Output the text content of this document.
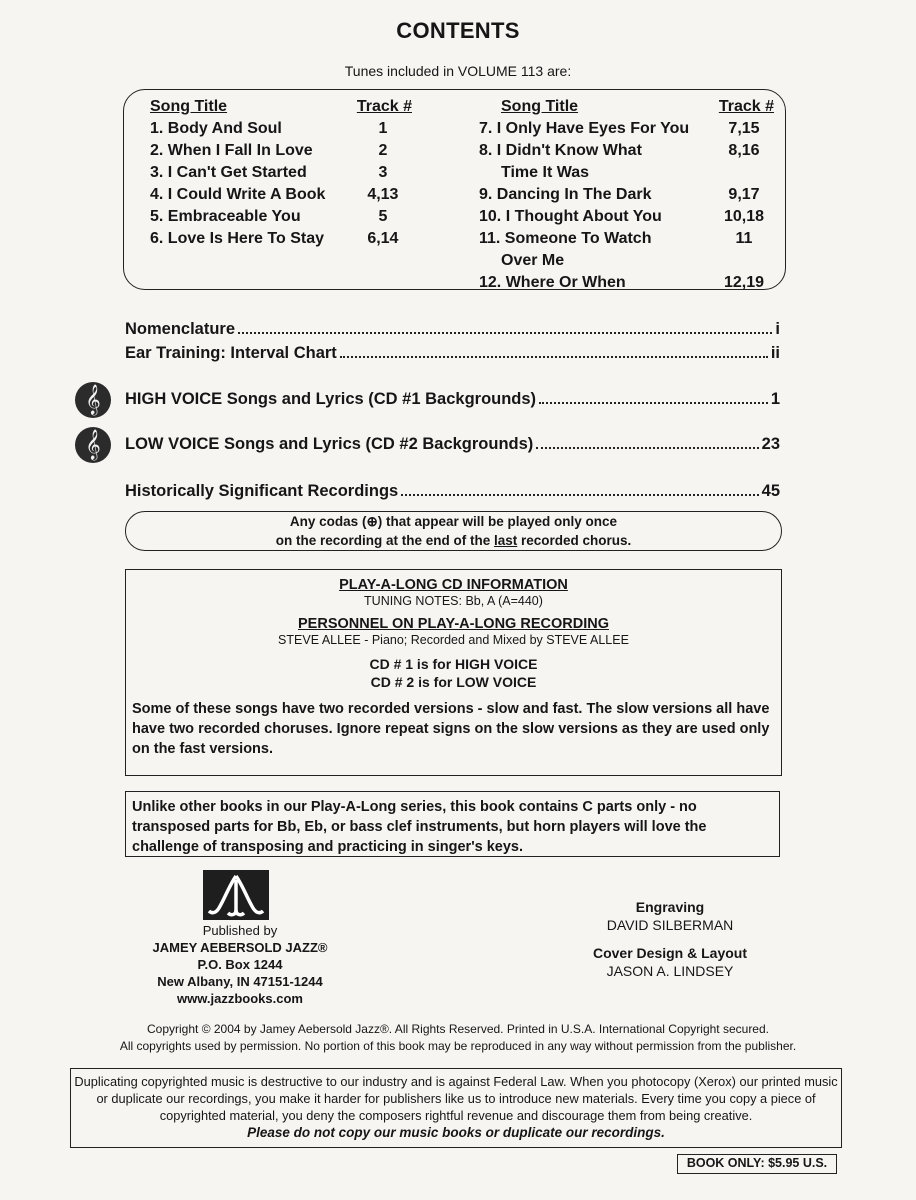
CONTENTS
Tunes included in VOLUME 113 are:
Song Title	Track #
1. Body And Soul	1
2. When I Fall In Love	2
3. I Can't Get Started	3
4. I Could Write A Book	4,13
5. Embraceable You	5
6. Love Is Here To Stay	6,14
Song Title	Track #
7. I Only Have Eyes For You	7,15
8. I Didn't Know What	8,16
Time It Was
9. Dancing In The Dark	9,17
10. I Thought About You	10,18
11. Someone To Watch	11
Over Me
12. Where Or When	12,19
Nomenclature	i
Ear Training: Interval Chart	ii
𝄞	HIGH VOICE Songs and Lyrics (CD #1 Backgrounds)	1
𝄞	LOW VOICE Songs and Lyrics (CD #2 Backgrounds)	23
Historically Significant Recordings	45
Any codas (⊕) that appear will be played only once
on the recording at the end of the last recorded chorus.
PLAY-A-LONG CD INFORMATION
TUNING NOTES: Bb, A (A=440)
PERSONNEL ON PLAY-A-LONG RECORDING
STEVE ALLEE - Piano; Recorded and Mixed by STEVE ALLEE
CD # 1 is for HIGH VOICE
CD # 2 is for LOW VOICE
Some of these songs have two recorded versions - slow and fast. The slow versions all have have two recorded choruses. Ignore repeat signs on the slow versions as they are used only on the fast versions.
Unlike other books in our Play-A-Long series, this book contains C parts only - no transposed parts for Bb, Eb, or bass clef instruments, but horn players will love the challenge of transposing and practicing in singer's keys.
Published by
JAMEY AEBERSOLD JAZZ®
P.O. Box 1244
New Albany, IN 47151-1244
www.jazzbooks.com
Engraving
DAVID SILBERMAN
Cover Design & Layout
JASON A. LINDSEY
Copyright © 2004 by Jamey Aebersold Jazz®. All Rights Reserved. Printed in U.S.A. International Copyright secured.
All copyrights used by permission. No portion of this book may be reproduced in any way without permission from the publisher.
Duplicating copyrighted music is destructive to our industry and is against Federal Law. When you photocopy (Xerox) our printed music or duplicate our recordings, you make it harder for publishers like us to introduce new materials. Every time you copy a piece of copyrighted material, you deny the composers rightful revenue and discourage them from being creative.
Please do not copy our music books or duplicate our recordings.
BOOK ONLY: $5.95 U.S.
